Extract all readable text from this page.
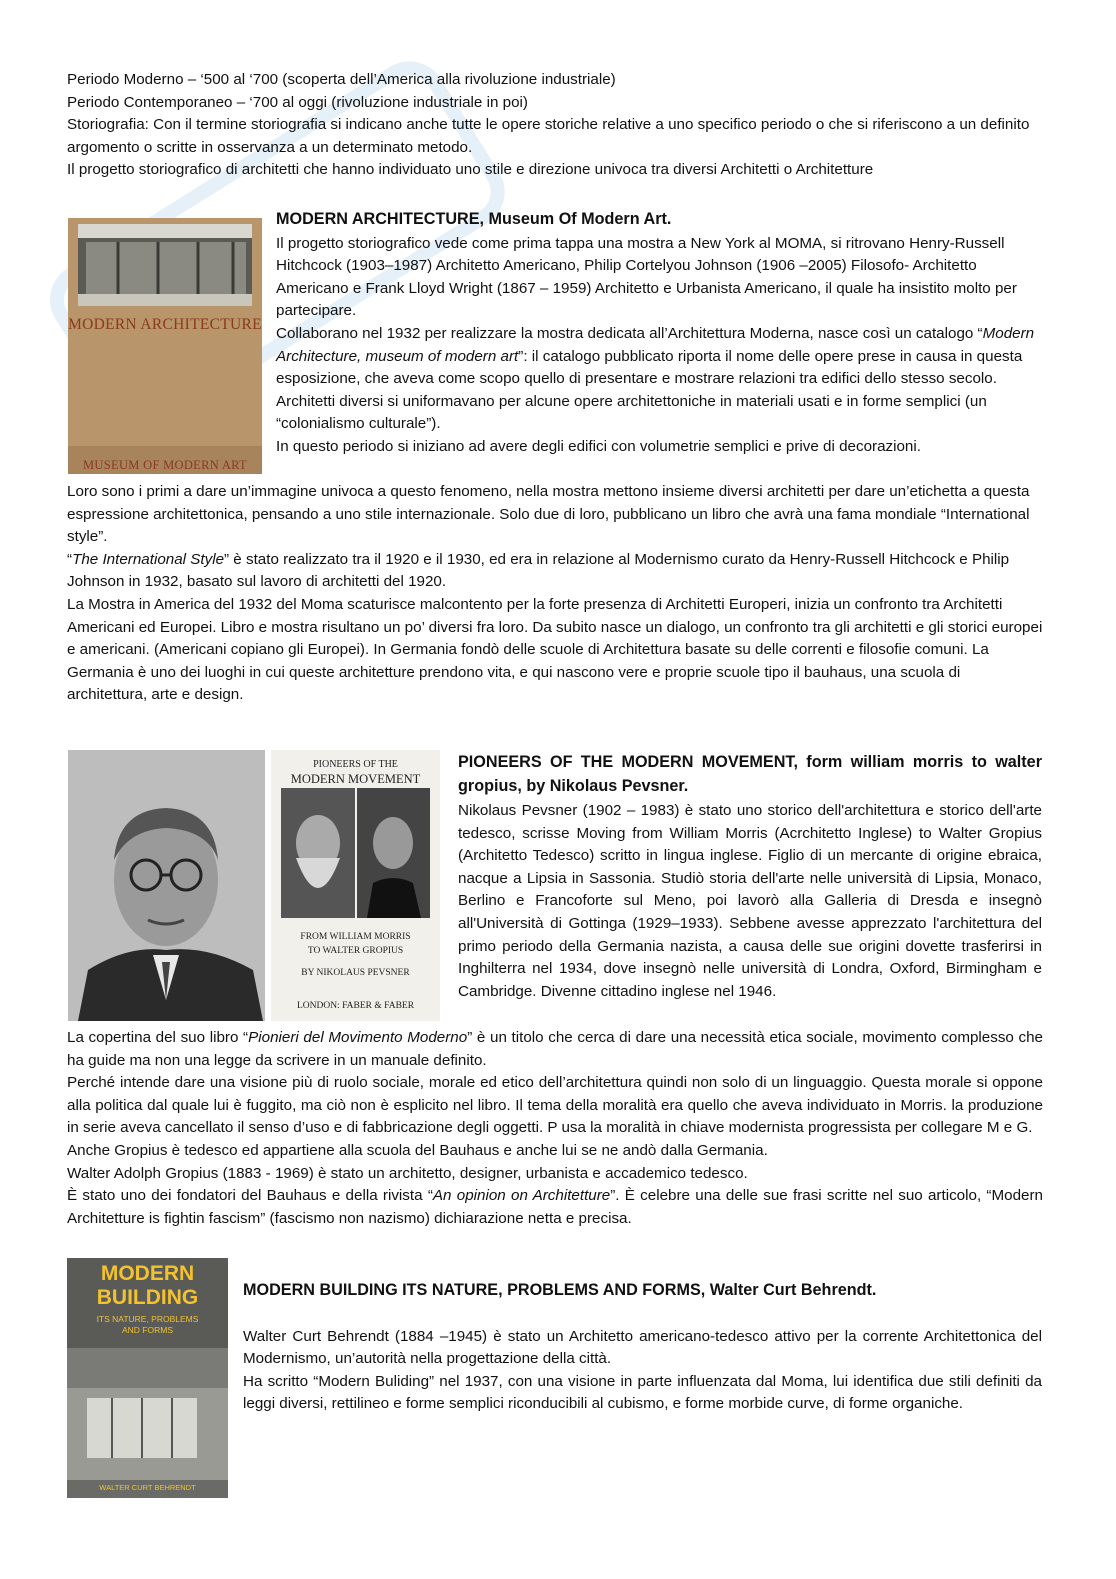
Periodo Moderno – ‘500 al ‘700 (scoperta dell’America alla rivoluzione industriale)

Periodo Contemporaneo – ‘700 al oggi (rivoluzione industriale in poi)

Storiografia: Con il termine storiografia si indicano anche tutte le opere storiche relative a uno specifico periodo o che si riferiscono a un definito argomento o scritte in osservanza a un determinato metodo.

Il progetto storiografico di architetti che hanno individuato uno stile e direzione univoca tra diversi Architetti o Architetture

MODERN ARCHITECTURE
MUSEUM OF MODERN ART

MODERN ARCHITECTURE, Museum Of Modern Art.

Il progetto storiografico vede come prima tappa una mostra a New York al MOMA, si ritrovano Henry-Russell Hitchcock (1903–1987) Architetto Americano, Philip Cortelyou Johnson (1906 –2005) Filosofo- Architetto Americano e Frank Lloyd Wright (1867 – 1959) Architetto e Urbanista Americano, il quale ha insistito molto per partecipare.

Collaborano nel 1932 per realizzare la mostra dedicata all’Architettura Moderna, nasce così un catalogo “Modern Architecture, museum of modern art”: il catalogo pubblicato riporta il nome delle opere prese in causa in questa esposizione, che aveva come scopo quello di presentare e mostrare relazioni tra edifici dello stesso secolo. Architetti diversi si uniformavano per alcune opere architettoniche in materiali usati e in forme semplici (un “colonialismo culturale”).

In questo periodo si iniziano ad avere degli edifici con volumetrie semplici e prive di decorazioni.

Loro sono i primi a dare un’immagine univoca a questo fenomeno, nella mostra mettono insieme diversi architetti per dare un’etichetta a questa espressione architettonica, pensando a uno stile internazionale. Solo due di loro, pubblicano un libro che avrà una fama mondiale “International style”.

“The International Style” è stato realizzato tra il 1920 e il 1930, ed era in relazione al Modernismo curato da Henry-Russell Hitchcock e Philip Johnson in 1932, basato sul lavoro di architetti del 1920.

La Mostra in America del 1932 del Moma scaturisce malcontento per la forte presenza di Architetti Europeri, inizia un confronto tra Architetti Americani ed Europei. Libro e mostra risultano un po’ diversi fra loro. Da subito nasce un dialogo, un confronto tra gli architetti e gli storici europei e americani. (Americani copiano gli Europei). In Germania fondò delle scuole di Architettura basate su delle correnti e filosofie comuni. La Germania è uno dei luoghi in cui queste architetture prendono vita, e qui nascono vere e proprie scuole tipo il bauhaus, una scuola di architettura, arte e design.

PIONEERS OF THE
MODERN MOVEMENT
FROM WILLIAM MORRIS
TO WALTER GROPIUS
BY NIKOLAUS PEVSNER
LONDON: FABER & FABER

PIONEERS OF THE MODERN MOVEMENT, form william morris to walter gropius, by Nikolaus Pevsner.

Nikolaus Pevsner (1902 – 1983) è stato uno storico dell'architettura e storico dell'arte tedesco, scrisse Moving from William Morris (Acrchitetto Inglese) to Walter Gropius (Architetto Tedesco) scritto in lingua inglese. Figlio di un mercante di origine ebraica, nacque a Lipsia in Sassonia. Studiò storia dell'arte nelle università di Lipsia, Monaco, Berlino e Francoforte sul Meno, poi lavorò alla Galleria di Dresda e insegnò all'Università di Gottinga (1929–1933). Sebbene avesse apprezzato l'architettura del primo periodo della Germania nazista, a causa delle sue origini dovette trasferirsi in Inghilterra nel 1934, dove insegnò nelle università di Londra, Oxford, Birmingham e Cambridge. Divenne cittadino inglese nel 1946.

La copertina del suo libro “Pionieri del Movimento Moderno” è un titolo che cerca di dare una necessità etica sociale, movimento complesso che ha guide ma non una legge da scrivere in un manuale definito.

Perché intende dare una visione più di ruolo sociale, morale ed etico dell’architettura quindi non solo di un linguaggio. Questa morale si oppone alla politica dal quale lui è fuggito, ma ciò non è esplicito nel libro. Il tema della moralità era quello che aveva individuato in Morris. la produzione in serie aveva cancellato il senso d’uso e di fabbricazione degli oggetti. P usa la moralità in chiave modernista progressista per collegare M e G.

Anche Gropius è tedesco ed appartiene alla scuola del Bauhaus e anche lui se ne andò dalla Germania.

Walter Adolph Gropius (1883 - 1969) è stato un architetto, designer, urbanista e accademico tedesco.

È stato uno dei fondatori del Bauhaus e della rivista “An opinion on Architetture”. È celebre una delle sue frasi scritte nel suo articolo, “Modern Architetture is fightin fascism” (fascismo non nazismo) dichiarazione netta e precisa.

MODERN
BUILDING
ITS NATURE, PROBLEMS
AND FORMS
WALTER CURT BEHRENDT

MODERN BUILDING ITS NATURE, PROBLEMS AND FORMS, Walter Curt Behrendt.

Walter Curt Behrendt (1884 –1945) è stato un Architetto americano-tedesco attivo per la corrente Architettonica del Modernismo, un’autorità nella progettazione della città.

Ha scritto “Modern Buliding” nel 1937, con una visione in parte influenzata dal Moma, lui identifica due stili definiti da leggi diversi, rettilineo e forme semplici riconducibili al cubismo, e forme morbide curve, di forme organiche.
